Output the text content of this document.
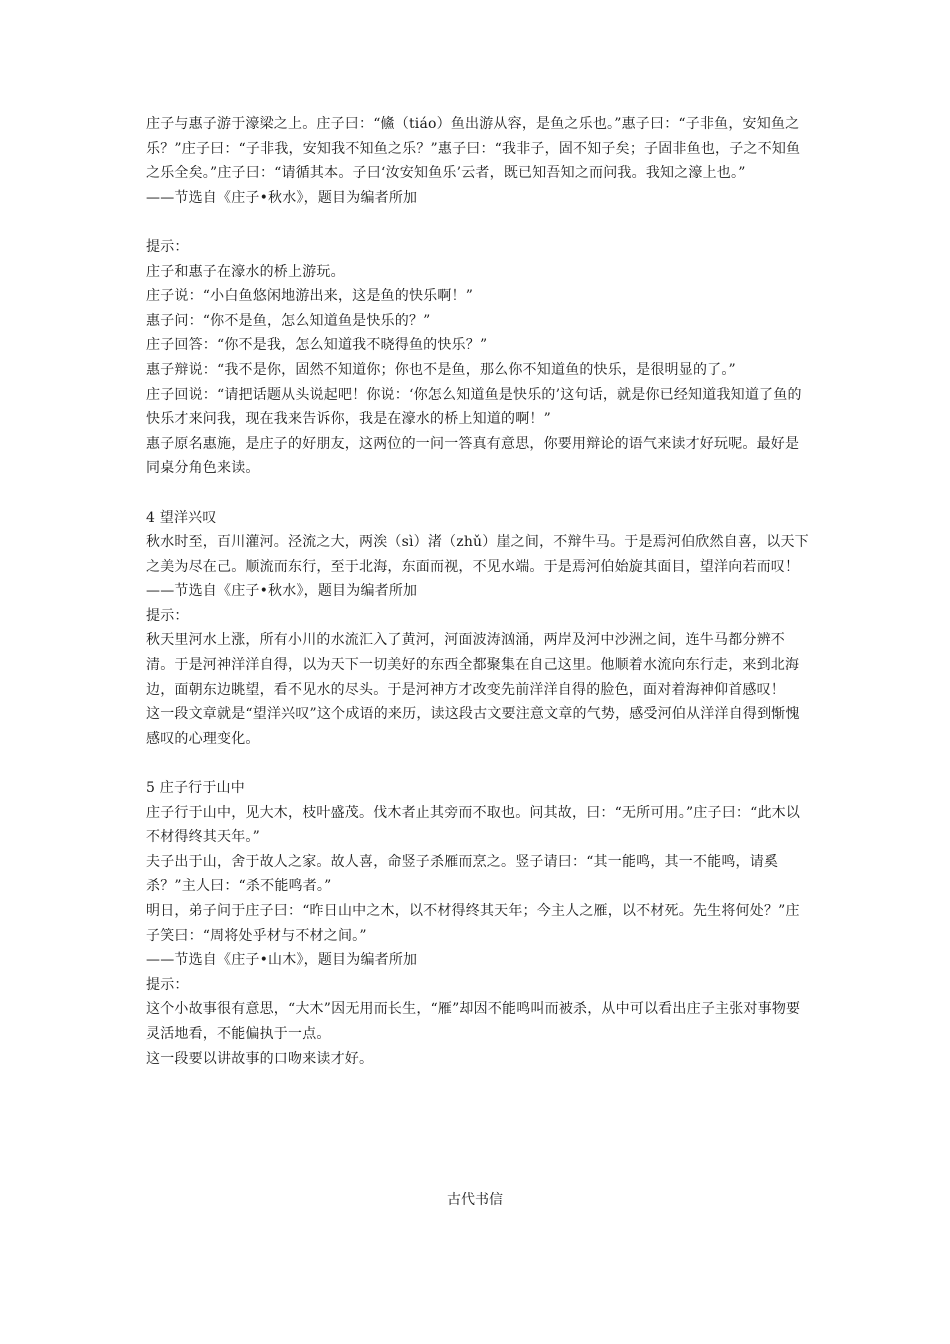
庄子与惠子游于濠梁之上。庄子曰：“鯈（tiáo）鱼出游从容，是鱼之乐也。”惠子曰：“子非鱼，安知鱼之乐？”庄子曰：“子非我，安知我不知鱼之乐？”惠子曰：“我非子，固不知子矣；子固非鱼也，子之不知鱼之乐全矣。”庄子曰：“请循其本。子曰‘汝安知鱼乐’云者，既已知吾知之而问我。我知之濠上也。”

——节选自《庄子•秋水》，题目为编者所加

提示：

庄子和惠子在濠水的桥上游玩。

庄子说：“小白鱼悠闲地游出来，这是鱼的快乐啊！”

惠子问：“你不是鱼，怎么知道鱼是快乐的？”

庄子回答：“你不是我，怎么知道我不晓得鱼的快乐？”

惠子辩说：“我不是你，固然不知道你；你也不是鱼，那么你不知道鱼的快乐，是很明显的了。”

庄子回说：“请把话题从头说起吧！你说：‘你怎么知道鱼是快乐的’这句话，就是你已经知道我知道了鱼的快乐才来问我，现在我来告诉你，我是在濠水的桥上知道的啊！”

惠子原名惠施，是庄子的好朋友，这两位的一问一答真有意思，你要用辩论的语气来读才好玩呢。最好是同桌分角色来读。

4 望洋兴叹

秋水时至，百川灌河。泾流之大，两涘（sì）渚（zhǔ）崖之间，不辩牛马。于是焉河伯欣然自喜，以天下之美为尽在己。顺流而东行，至于北海，东面而视，不见水端。于是焉河伯始旋其面目，望洋向若而叹！

——节选自《庄子•秋水》，题目为编者所加

提示：

秋天里河水上涨，所有小川的水流汇入了黄河，河面波涛汹涌，两岸及河中沙洲之间，连牛马都分辨不清。于是河神洋洋自得，以为天下一切美好的东西全都聚集在自己这里。他顺着水流向东行走，来到北海边，面朝东边眺望，看不见水的尽头。于是河神方才改变先前洋洋自得的脸色，面对着海神仰首感叹！

这一段文章就是“望洋兴叹”这个成语的来历，读这段古文要注意文章的气势，感受河伯从洋洋自得到惭愧感叹的心理变化。

5 庄子行于山中

庄子行于山中，见大木，枝叶盛茂。伐木者止其旁而不取也。问其故，曰：“无所可用。”庄子曰：“此木以不材得终其天年。”

夫子出于山，舍于故人之家。故人喜，命竖子杀雁而烹之。竖子请曰：“其一能鸣，其一不能鸣，请奚杀？”主人曰：“杀不能鸣者。”

明日，弟子问于庄子曰：“昨日山中之木，以不材得终其天年；今主人之雁，以不材死。先生将何处？”庄子笑曰：“周将处乎材与不材之间。”

——节选自《庄子•山木》，题目为编者所加

提示：

这个小故事很有意思，“大木”因无用而长生，“雁”却因不能鸣叫而被杀，从中可以看出庄子主张对事物要灵活地看，不能偏执于一点。

这一段要以讲故事的口吻来读才好。

古代书信
